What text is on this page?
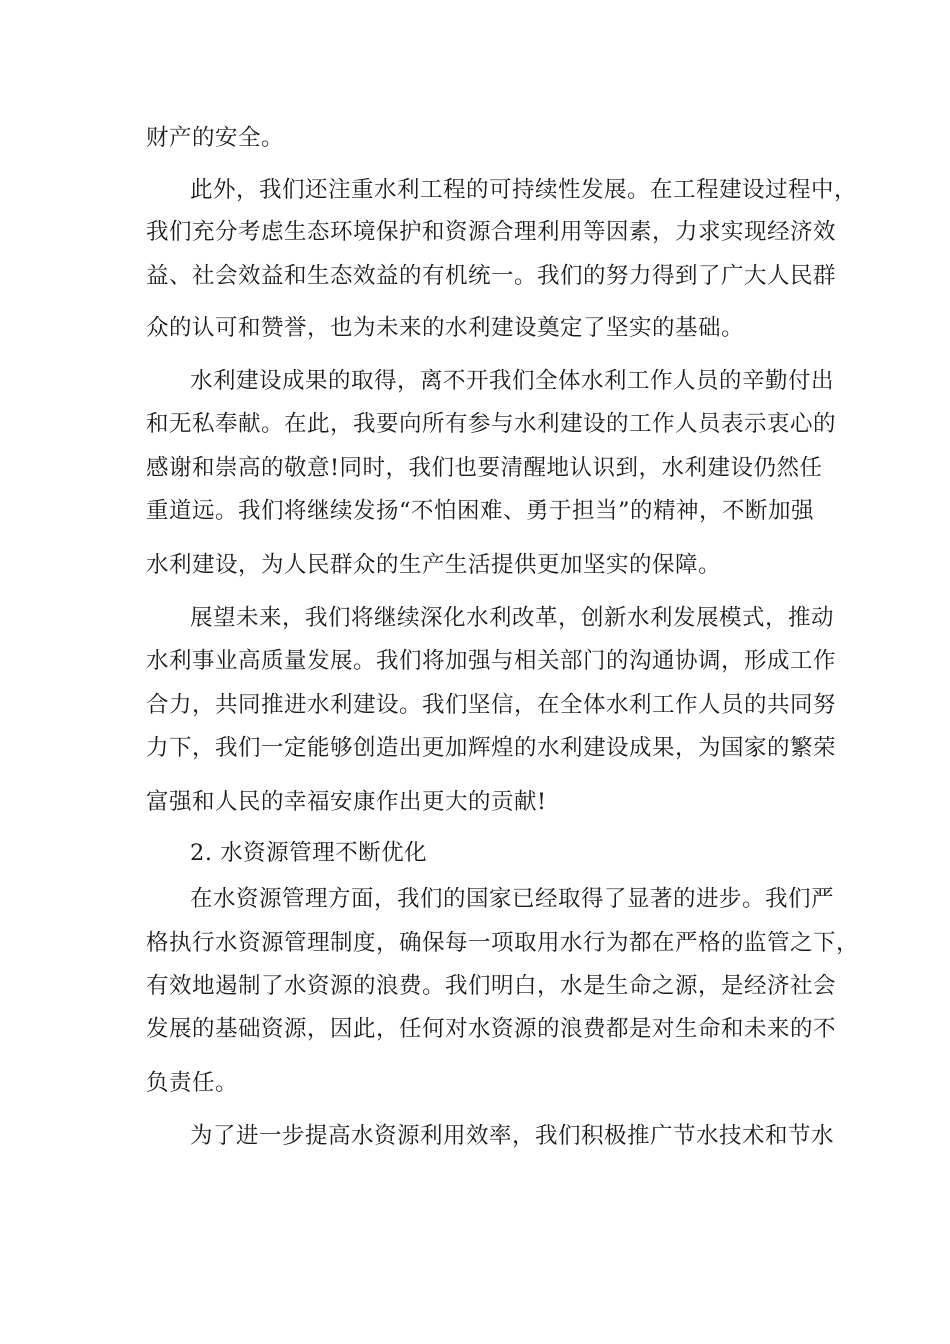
财产的安全。
此外，我们还注重水利工程的可持续性发展。在工程建设过程中，
我们充分考虑生态环境保护和资源合理利用等因素，力求实现经济效
益、社会效益和生态效益的有机统一。我们的努力得到了广大人民群
众的认可和赞誉，也为未来的水利建设奠定了坚实的基础。
水利建设成果的取得，离不开我们全体水利工作人员的辛勤付出
和无私奉献。在此，我要向所有参与水利建设的工作人员表示衷心的
感谢和崇高的敬意!同时，我们也要清醒地认识到，水利建设仍然任
重道远。我们将继续发扬“不怕困难、勇于担当”的精神，不断加强
水利建设，为人民群众的生产生活提供更加坚实的保障。
展望未来，我们将继续深化水利改革，创新水利发展模式，推动
水利事业高质量发展。我们将加强与相关部门的沟通协调，形成工作
合力，共同推进水利建设。我们坚信，在全体水利工作人员的共同努
力下，我们一定能够创造出更加辉煌的水利建设成果，为国家的繁荣
富强和人民的幸福安康作出更大的贡献!
2. 水资源管理不断优化
在水资源管理方面，我们的国家已经取得了显著的进步。我们严
格执行水资源管理制度，确保每一项取用水行为都在严格的监管之下，
有效地遏制了水资源的浪费。我们明白，水是生命之源，是经济社会
发展的基础资源，因此，任何对水资源的浪费都是对生命和未来的不
负责任。
为了进一步提高水资源利用效率，我们积极推广节水技术和节水
